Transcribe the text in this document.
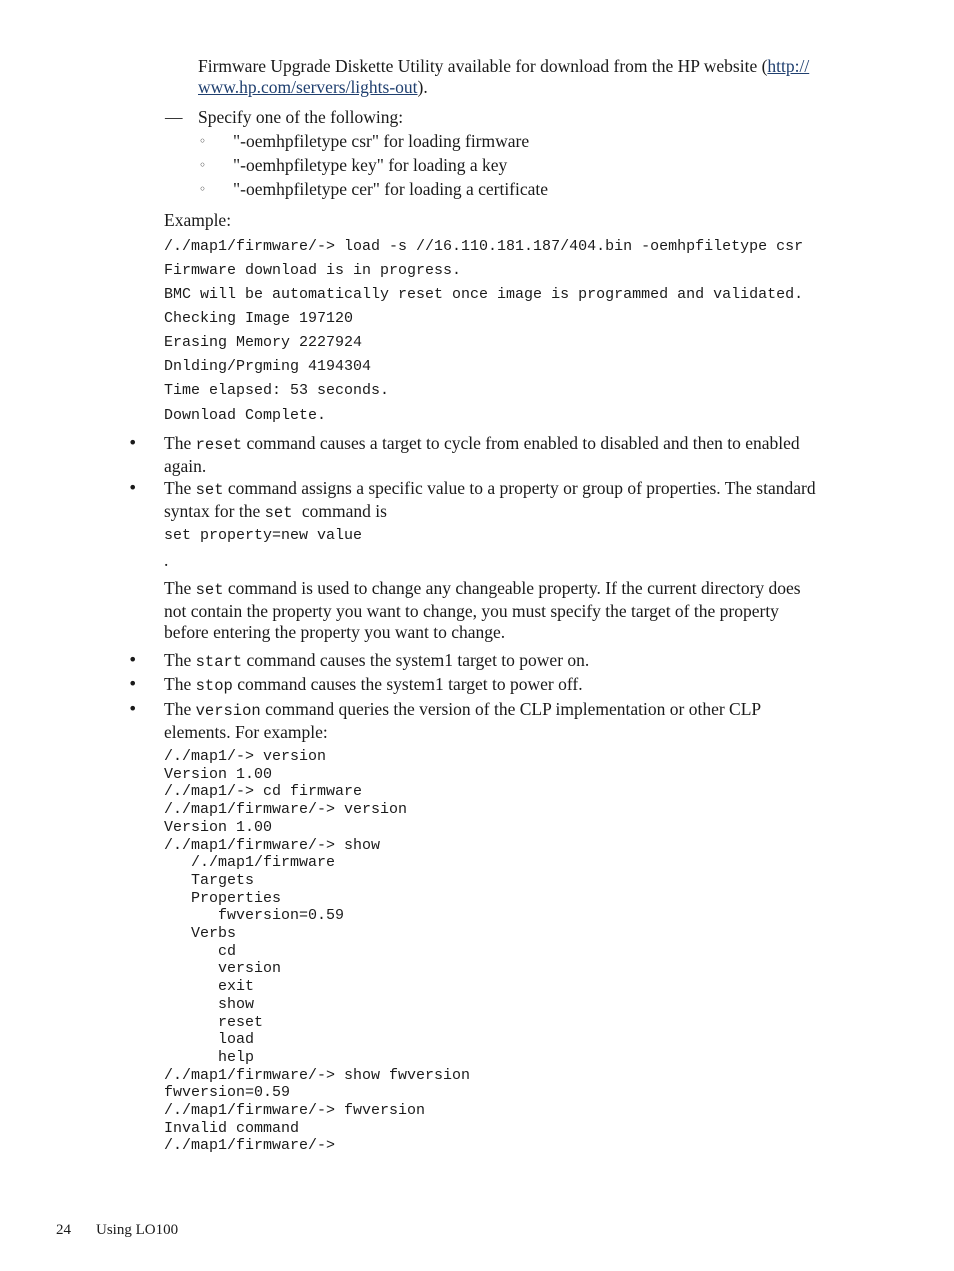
Firmware Upgrade Diskette Utility available for download from the HP website (http://
www.hp.com/servers/lights-out).
— Specify one of the following:
◦ "-oemhpfiletype csr" for loading firmware
◦ "-oemhpfiletype key" for loading a key
◦ "-oemhpfiletype cer" for loading a certificate
Example:
/./map1/firmware/-> load -s //16.110.181.187/404.bin -oemhpfiletype csr
Firmware download is in progress.
BMC will be automatically reset once image is programmed and validated.
Checking Image 197120
Erasing Memory 2227924
Dnlding/Prgming 4194304
Time elapsed: 53 seconds.
Download Complete.
• The reset command causes a target to cycle from enabled to disabled and then to enabled
again.
• The set command assigns a specific value to a property or group of properties. The standard
syntax for the set command is
set property=new value
.
The set command is used to change any changeable property. If the current directory does
not contain the property you want to change, you must specify the target of the property
before entering the property you want to change.
• The start command causes the system1 target to power on.
• The stop command causes the system1 target to power off.
• The version command queries the version of the CLP implementation or other CLP
elements. For example:
/./map1/-> version
Version 1.00
/./map1/-> cd firmware
/./map1/firmware/-> version
Version 1.00
/./map1/firmware/-> show
/./map1/firmware
Targets
Properties
fwversion=0.59
Verbs
cd
version
exit
show
reset
load
help
/./map1/firmware/-> show fwversion
fwversion=0.59
/./map1/firmware/-> fwversion
Invalid command
/./map1/firmware/->
24 Using LO100
